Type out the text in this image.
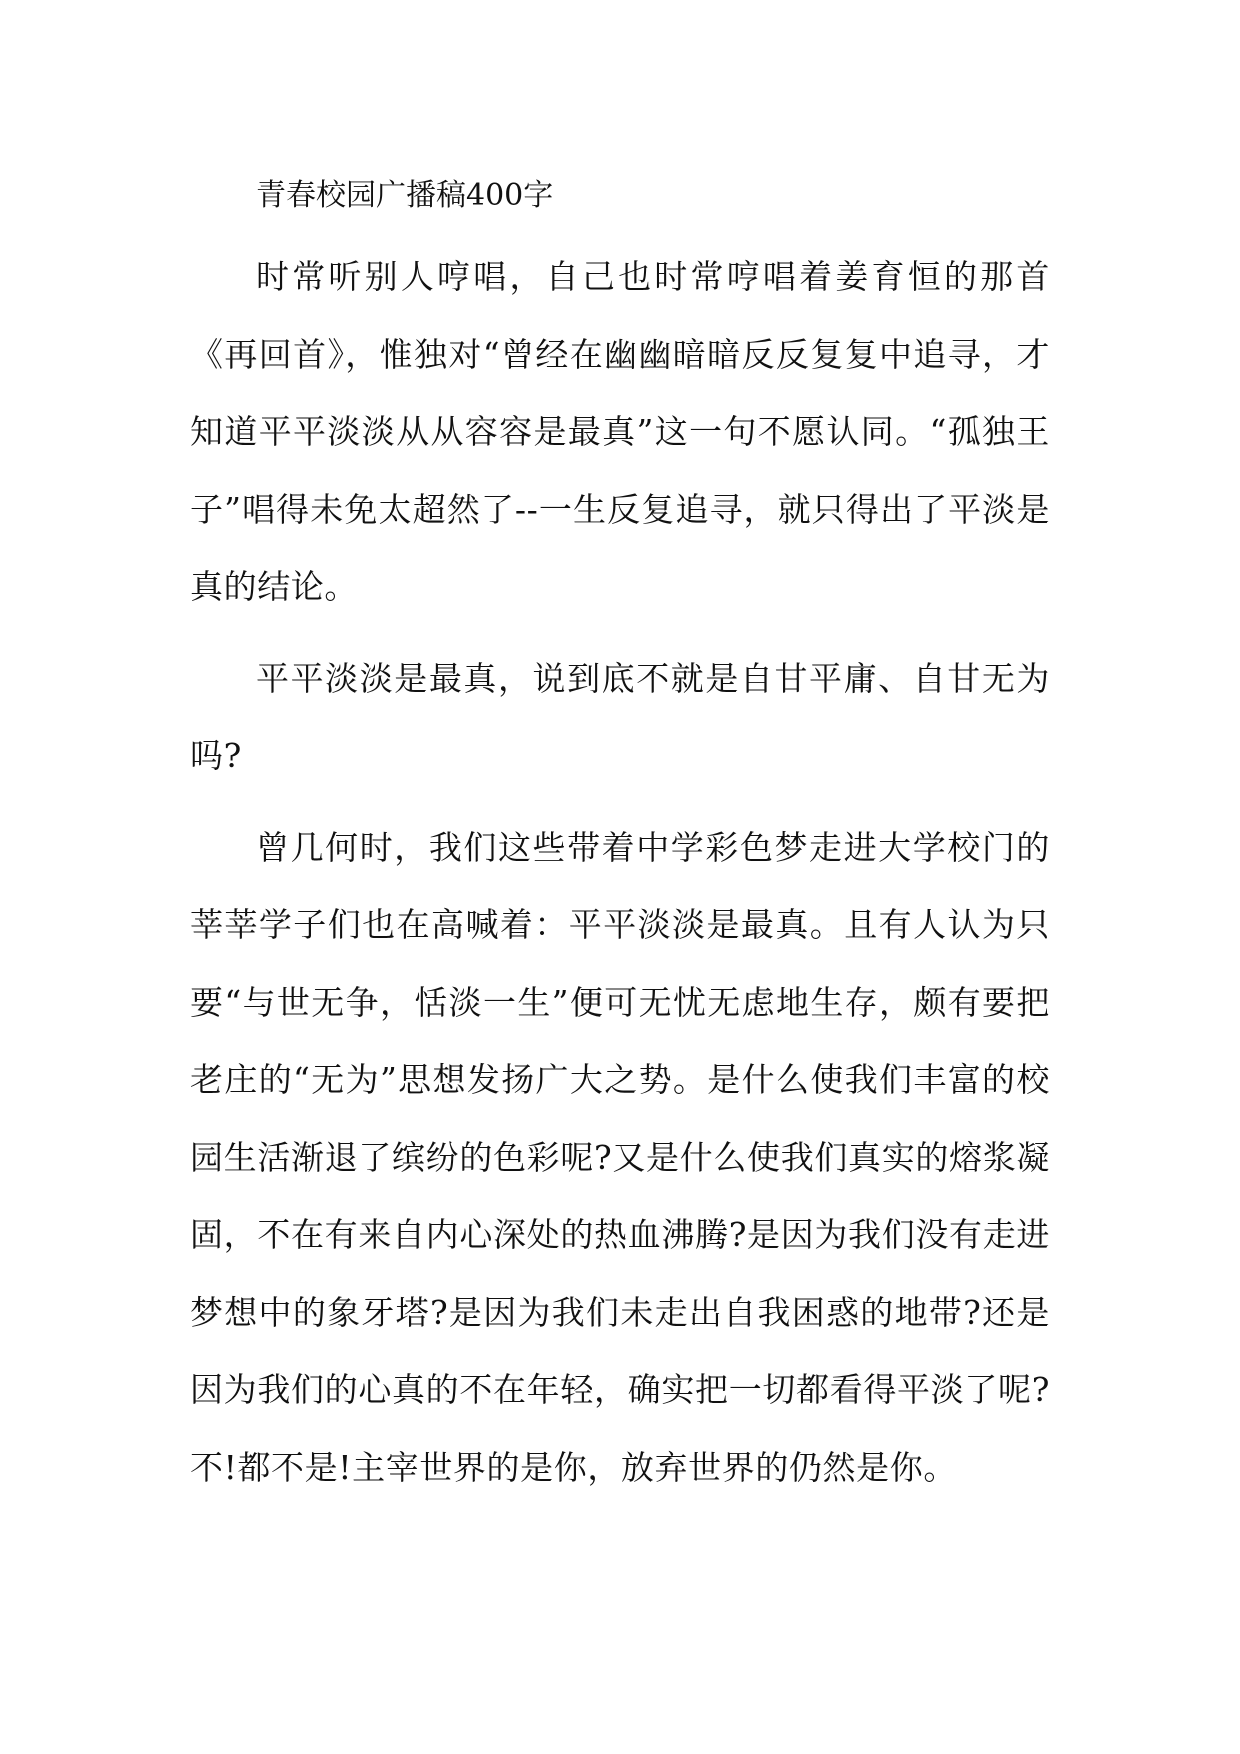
青春校园广播稿400字

时常听别人哼唱，自己也时常哼唱着姜育恒的那首《再回首》，惟独对“曾经在幽幽暗暗反反复复中追寻，才知道平平淡淡从从容容是最真”这一句不愿认同。“孤独王子”唱得未免太超然了--一生反复追寻，就只得出了平淡是真的结论。

平平淡淡是最真，说到底不就是自甘平庸、自甘无为吗?

曾几何时，我们这些带着中学彩色梦走进大学校门的莘莘学子们也在高喊着：平平淡淡是最真。且有人认为只要“与世无争，恬淡一生”便可无忧无虑地生存，颇有要把老庄的“无为”思想发扬广大之势。是什么使我们丰富的校园生活渐退了缤纷的色彩呢?又是什么使我们真实的熔浆凝固，不在有来自内心深处的热血沸腾?是因为我们没有走进梦想中的象牙塔?是因为我们未走出自我困惑的地带?还是因为我们的心真的不在年轻，确实把一切都看得平淡了呢?不!都不是!主宰世界的是你，放弃世界的仍然是你。
